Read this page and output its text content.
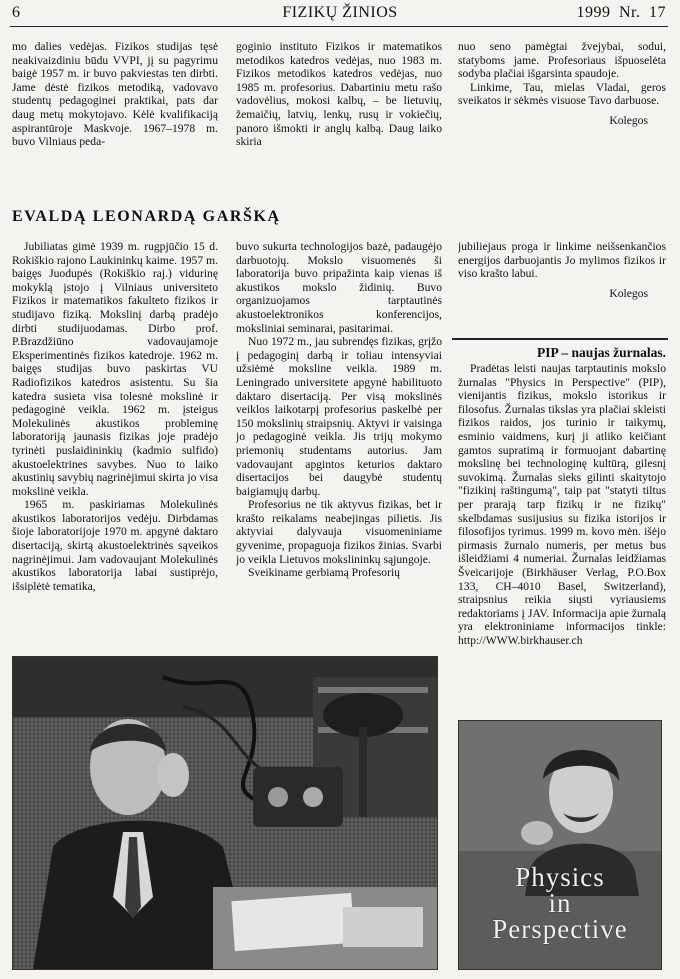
6	FIZIKŲ ŽINIOS	1999 Nr. 17

mo dalies vedėjas. Fizikos studijas tęsė neakivaizdiniu būdu VVPI, jį su pagyrimu baigė 1957 m. ir buvo pakviestas ten dirbti. Jame dėstė fizikos metodiką, vadovavo studentų pedagoginei praktikai, pats dar daug metų mokytojavo. Kėlė kvalifikaciją aspirantūroje Maskvoje. 1967–1978 m. buvo Vilniaus peda-

goginio instituto Fizikos ir matematikos metodikos katedros vedėjas, nuo 1983 m. Fizikos metodikos katedros vedėjas, nuo 1985 m. profesorius. Dabartiniu metu rašo vadovėlius, mokosi kalbų, – be lietuvių, žemaičių, latvių, lenkų, rusų ir vokiečių, panoro išmokti ir anglų kalbą. Daug laiko skiria

nuo seno pamėgtai žvejybai, sodui, statyboms jame. Profesoriaus išpuoselėta sodyba plačiai išgarsinta spaudoje.

Linkime, Tau, mielas Vladai, geros sveikatos ir sėkmės visuose Tavo darbuose.

Kolegos
EVALDĄ LEONARDĄ GARŠKĄ

Jubiliatas gimė 1939 m. rugpjūčio 15 d. Rokiškio rajono Laukininkų kaime. 1957 m. baigęs Juodupės (Rokiškio raj.) vidurinę mokyklą įstojo į Vilniaus universiteto Fizikos ir matematikos fakulteto fizikos ir studijavo fiziką. Mokslinį darbą pradėjo dirbti studijuodamas. Dirbo prof. P.Brazdžiūno vadovaujamoje Eksperimentinės fizikos katedroje. 1962 m. baigęs studijas buvo paskirtas VU Radiofizikos katedros asistentu. Su šia katedra susieta visa tolesnė mokslinė ir pedagoginė veikla. 1962 m. įsteigus Molekulinės akustikos probleminę laboratoriją jaunasis fizikas joje pradėjo tyrinėti puslaidininkių (kadmio sulfido) akustoelektrines savybes. Nuo to laiko akustinių savybių nagrinėjimui skirta jo visa mokslinė veikla.

1965 m. paskiriamas Molekulinės akustikos laboratorijos vedėju. Dirbdamas šioje laboratorijoje 1970 m. apgynė daktaro disertaciją, skirtą akustoelektrinės sąveikos nagrinėjimui. Jam vadovaujant Molekulinės akustikos laboratorija labai sustiprėjo, išsiplėtė tematika,

buvo sukurta technologijos bazė, padaugėjo darbuotojų. Mokslo visuomenės ši laboratorija buvo pripažinta kaip vienas iš akustikos mokslo židinių. Buvo organizuojamos tarptautinės akustoelektronikos konferencijos, moksliniai seminarai, pasitarimai.

Nuo 1972 m., jau subrendęs fizikas, grįžo į pedagoginį darbą ir toliau intensyviai užsiėmė moksline veikla. 1989 m. Leningrado universitete apgynė habilituoto daktaro disertaciją. Per visą mokslinės veiklos laikotarpį profesorius paskelbė per 150 mokslinių straipsnių. Aktyvi ir vaisinga jo pedagoginė veikla. Jis trijų mokymo priemonių studentams autorius. Jam vadovaujant apgintos keturios daktaro disertacijos bei daugybė studentų baigiamųjų darbų.

Profesorius ne tik aktyvus fizikas, bet ir krašto reikalams neabejingas pilietis. Jis aktyviai dalyvauja visuomeniniame gyvenime, propaguoja fizikos žinias. Svarbi jo veikla Lietuvos mokslininkų sąjungoje.

Sveikiname gerbiamą Profesorių

jubiliejaus proga ir linkime neišsenkančios energijos darbuojantis Jo mylimos fizikos ir viso krašto labui.

Kolegos
PIP – naujas žurnalas.

Pradėtas leisti naujas tarptautinis mokslo žurnalas "Physics in Perspective" (PIP), vienijantis fizikus, mokslo istorikus ir filosofus. Žurnalas tikslas yra plačiai skleisti fizikos raidos, jos turinio ir taikymų, esminio vaidmens, kurį ji atliko keičiant gamtos supratimą ir formuojant dabartinę mokslinę bei technologinę kultūrą, gilesnį suvokimą. Žurnalas sieks gilinti skaitytojo "fizikinį raštingumą", taip pat "statyti tiltus per prarają tarp fizikų ir ne fizikų" skelbdamas susijusius su fizika istorijos ir filosofijos tyrimus. 1999 m. kovo mėn. išėjo pirmasis žurnalo numeris, per metus bus išleidžiami 4 numeriai. Žurnalas leidžiamas Šveicarijoje (Birkhäuser Verlag, P.O.Box 133, CH–4010 Basel, Switzerland), straipsnius reikia siųsti vyriausiems redaktoriams į JAV. Informacija apie žurnalą yra elektroniniame informacijos tinkle: http://WWW.birkhauser.ch

Physics
in
Perspective
